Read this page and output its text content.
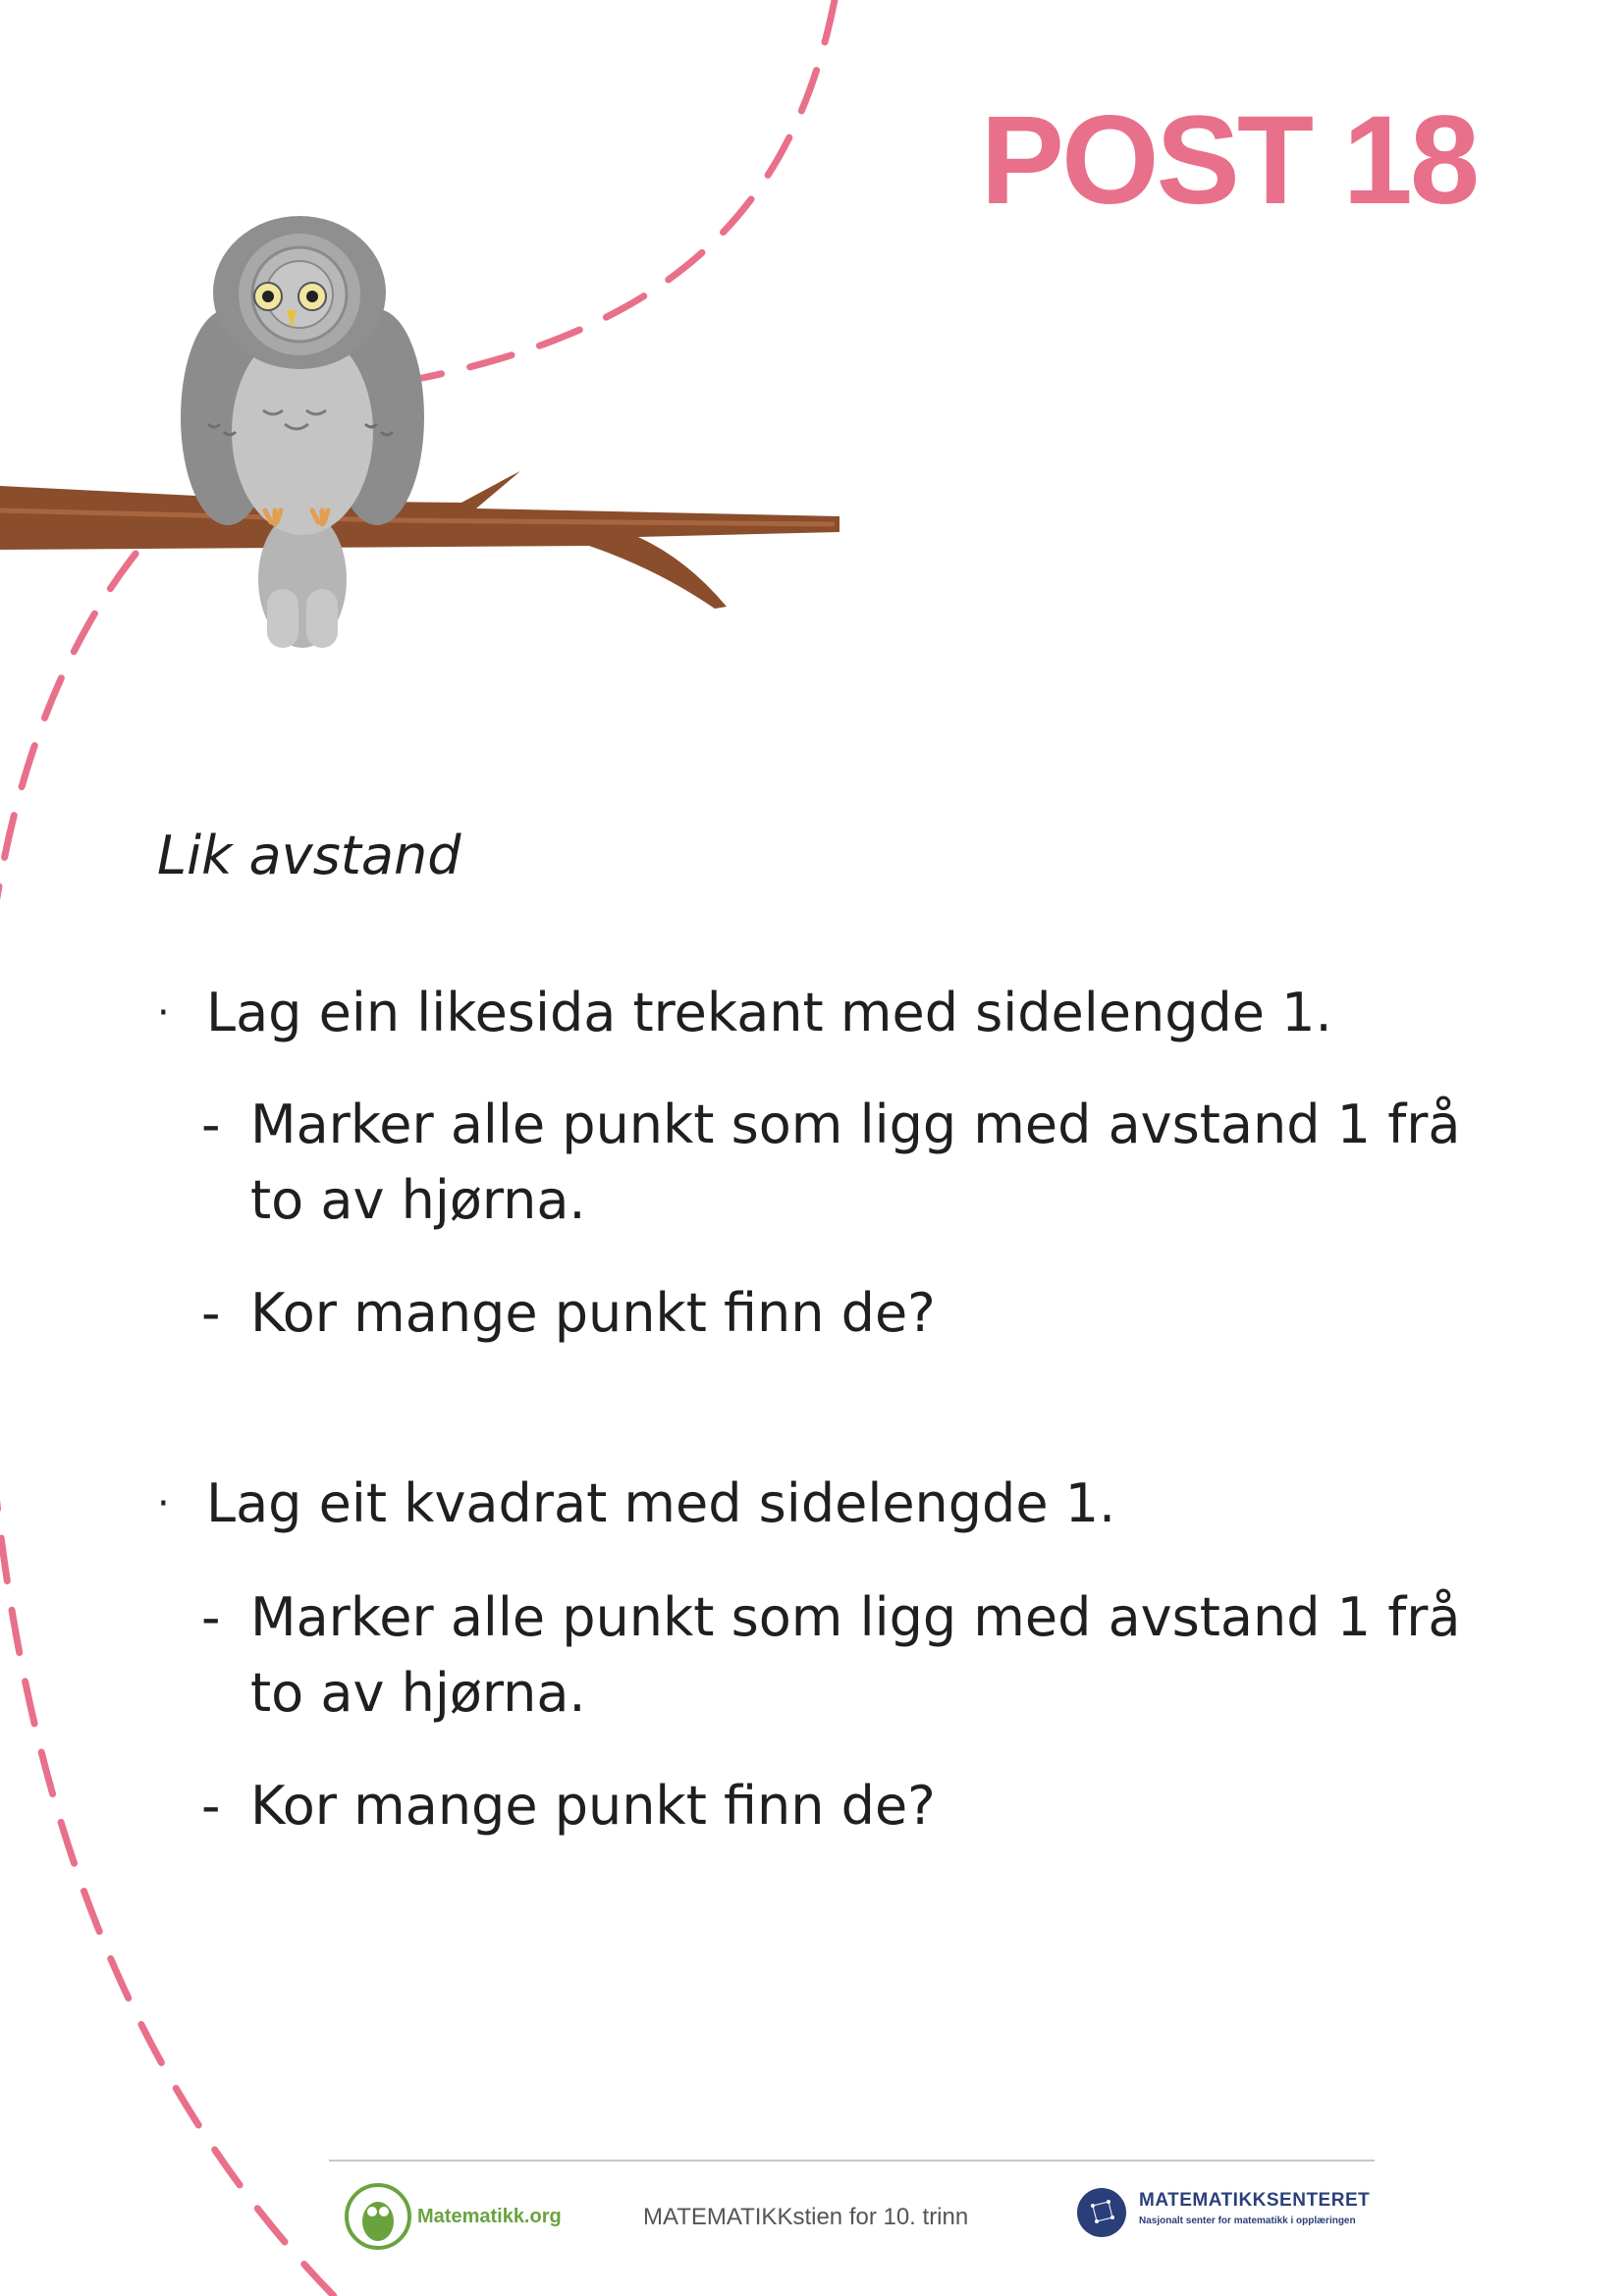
POST 18
Lik avstand
· Lag ein likesida trekant med sidelengde 1.
- Marker alle punkt som ligg med avstand 1 frå to av hjørna.
- Kor mange punkt finn de?
· Lag eit kvadrat med sidelengde 1.
- Marker alle punkt som ligg med avstand 1 frå to av hjørna.
- Kor mange punkt finn de?
Matematikk.org	MATEMATIKKstien for 10. trinn
MATEMATIKKSENTERET
Nasjonalt senter for matematikk i opplæringen
